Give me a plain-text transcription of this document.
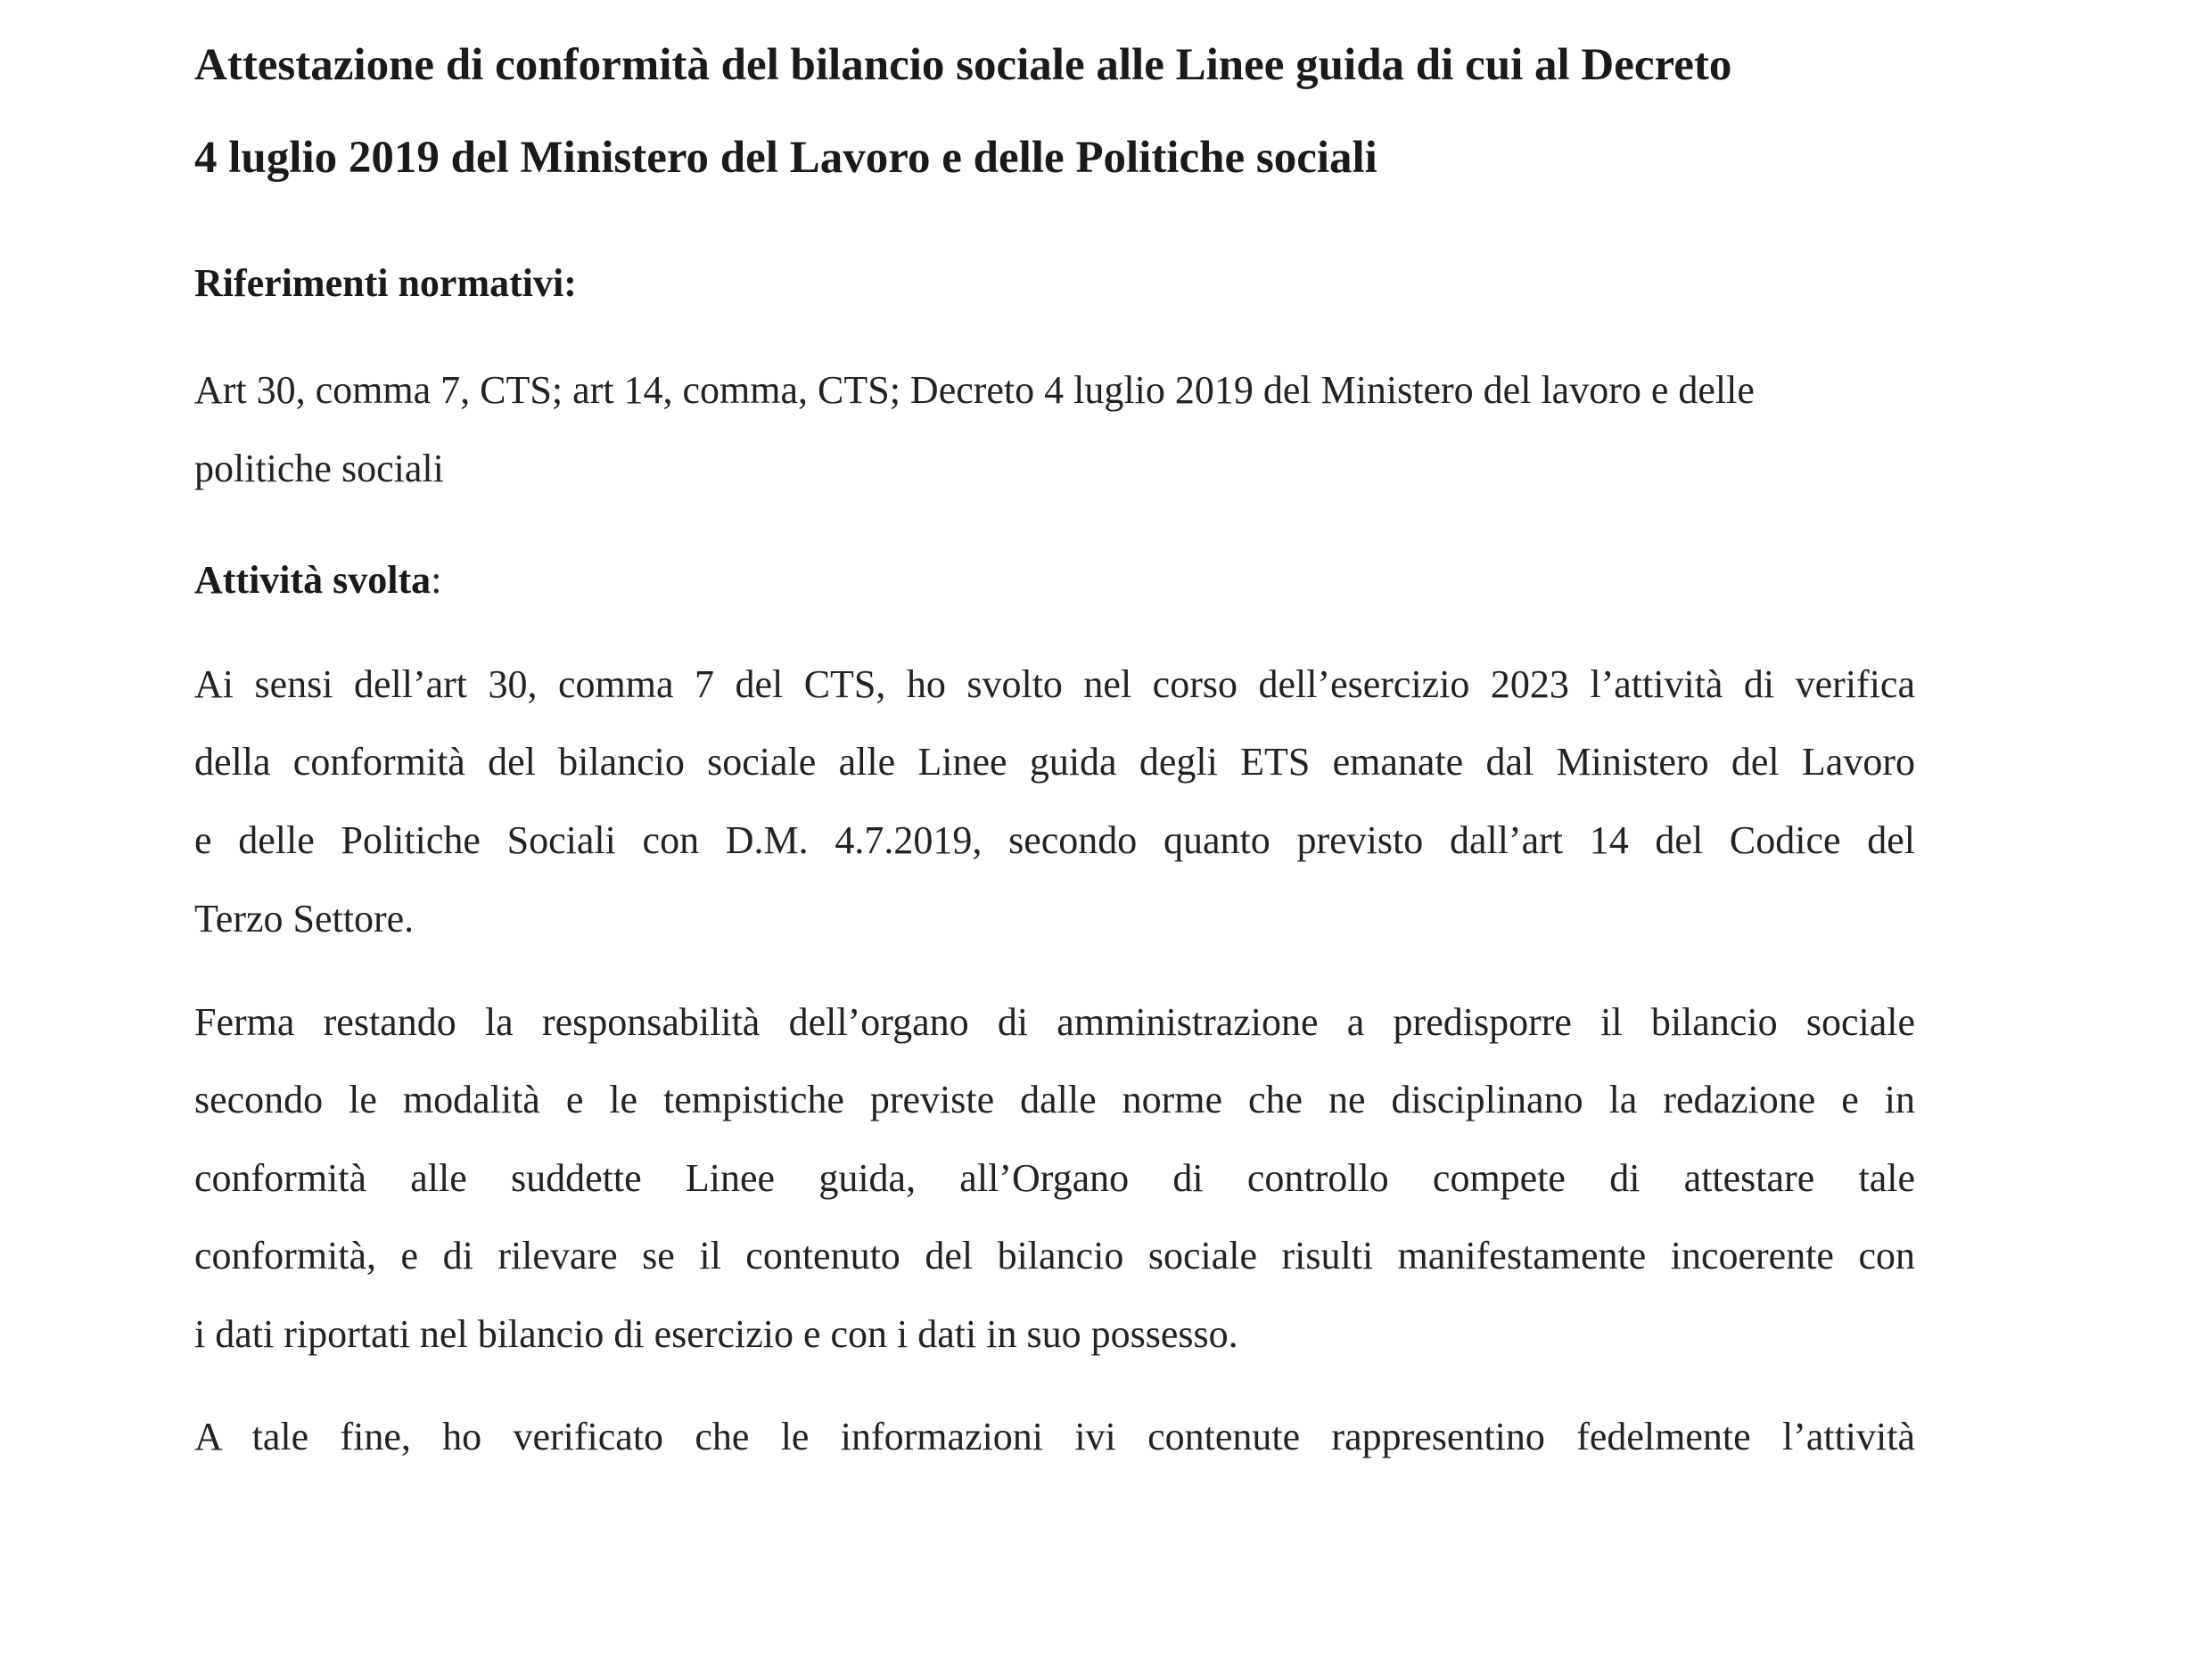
Attestazione di conformità del bilancio sociale alle Linee guida di cui al Decreto

4 luglio 2019 del Ministero del Lavoro e delle Politiche sociali

Riferimenti normativi:

Art 30, comma 7, CTS; art 14, comma, CTS; Decreto 4 luglio 2019 del Ministero del lavoro e delle

politiche sociali

Attività svolta:

Ai sensi dell’art 30, comma 7 del CTS, ho svolto nel corso dell’esercizio 2023 l’attività di verifica

della conformità del bilancio sociale alle Linee guida degli ETS emanate dal Ministero del Lavoro

e delle Politiche Sociali con D.M. 4.7.2019, secondo quanto previsto dall’art 14 del Codice del

Terzo Settore.

Ferma restando la responsabilità dell’organo di amministrazione a predisporre il bilancio sociale

secondo le modalità e le tempistiche previste dalle norme che ne disciplinano la redazione e in

conformità alle suddette Linee guida, all’Organo di controllo compete di attestare tale

conformità, e di rilevare se il contenuto del bilancio sociale risulti manifestamente incoerente con

i dati riportati nel bilancio di esercizio e con i dati in suo possesso.

A tale fine, ho verificato che le informazioni ivi contenute rappresentino fedelmente l’attività
